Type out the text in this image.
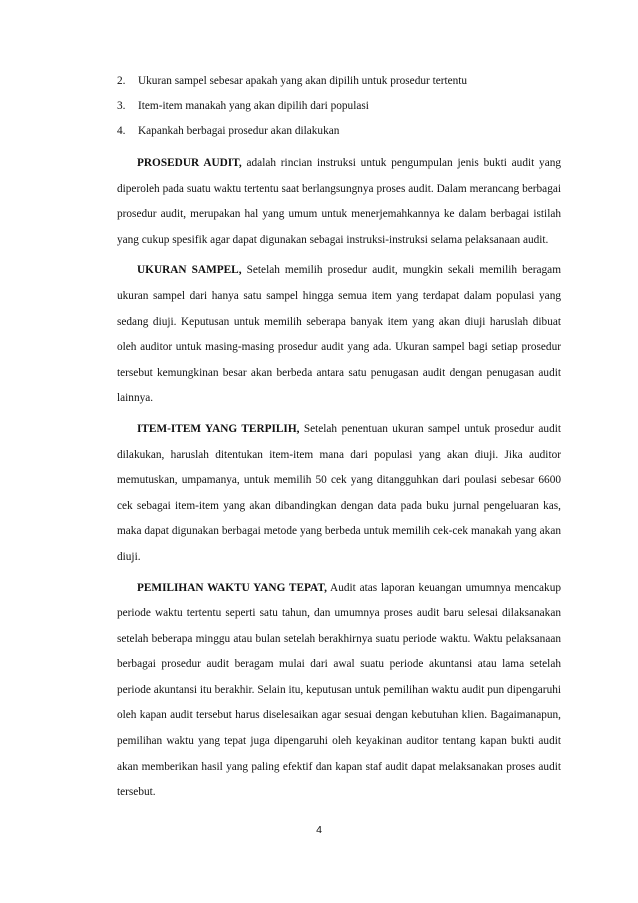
2.	Ukuran sampel sebesar apakah yang akan dipilih untuk prosedur tertentu
3.	Item-item manakah yang akan dipilih dari populasi
4.	Kapankah berbagai prosedur akan dilakukan

PROSEDUR AUDIT, adalah rincian instruksi untuk pengumpulan jenis bukti audit yang diperoleh pada suatu waktu tertentu saat berlangsungnya proses audit. Dalam merancang berbagai prosedur audit, merupakan hal yang umum untuk menerjemahkannya ke dalam berbagai istilah yang cukup spesifik agar dapat digunakan sebagai instruksi-instruksi selama pelaksanaan audit.

UKURAN SAMPEL, Setelah memilih prosedur audit, mungkin sekali memilih beragam ukuran sampel dari hanya satu sampel hingga semua item yang terdapat dalam populasi yang sedang diuji. Keputusan untuk memilih seberapa banyak item yang akan diuji haruslah dibuat oleh auditor untuk masing-masing prosedur audit yang ada. Ukuran sampel bagi setiap prosedur tersebut kemungkinan besar akan berbeda antara satu penugasan audit dengan penugasan audit lainnya.

ITEM-ITEM YANG TERPILIH, Setelah penentuan ukuran sampel untuk prosedur audit dilakukan, haruslah ditentukan item-item mana dari populasi yang akan diuji. Jika auditor memutuskan, umpamanya, untuk memilih 50 cek yang ditangguhkan dari poulasi sebesar 6600 cek sebagai item-item yang akan dibandingkan dengan data pada buku jurnal pengeluaran kas, maka dapat digunakan berbagai metode yang berbeda untuk memilih cek-cek manakah yang akan diuji.

PEMILIHAN WAKTU YANG TEPAT, Audit atas laporan keuangan umumnya mencakup periode waktu tertentu seperti satu tahun, dan umumnya proses audit baru selesai dilaksanakan setelah beberapa minggu atau bulan setelah berakhirnya suatu periode waktu. Waktu pelaksanaan berbagai prosedur audit beragam mulai dari awal suatu periode akuntansi atau lama setelah periode akuntansi itu berakhir. Selain itu, keputusan untuk pemilihan waktu audit pun dipengaruhi oleh kapan audit tersebut harus diselesaikan agar sesuai dengan kebutuhan klien. Bagaimanapun, pemilihan waktu yang tepat juga dipengaruhi oleh keyakinan auditor tentang kapan bukti audit akan memberikan hasil yang paling efektif dan kapan staf audit dapat melaksanakan proses audit tersebut.

4
